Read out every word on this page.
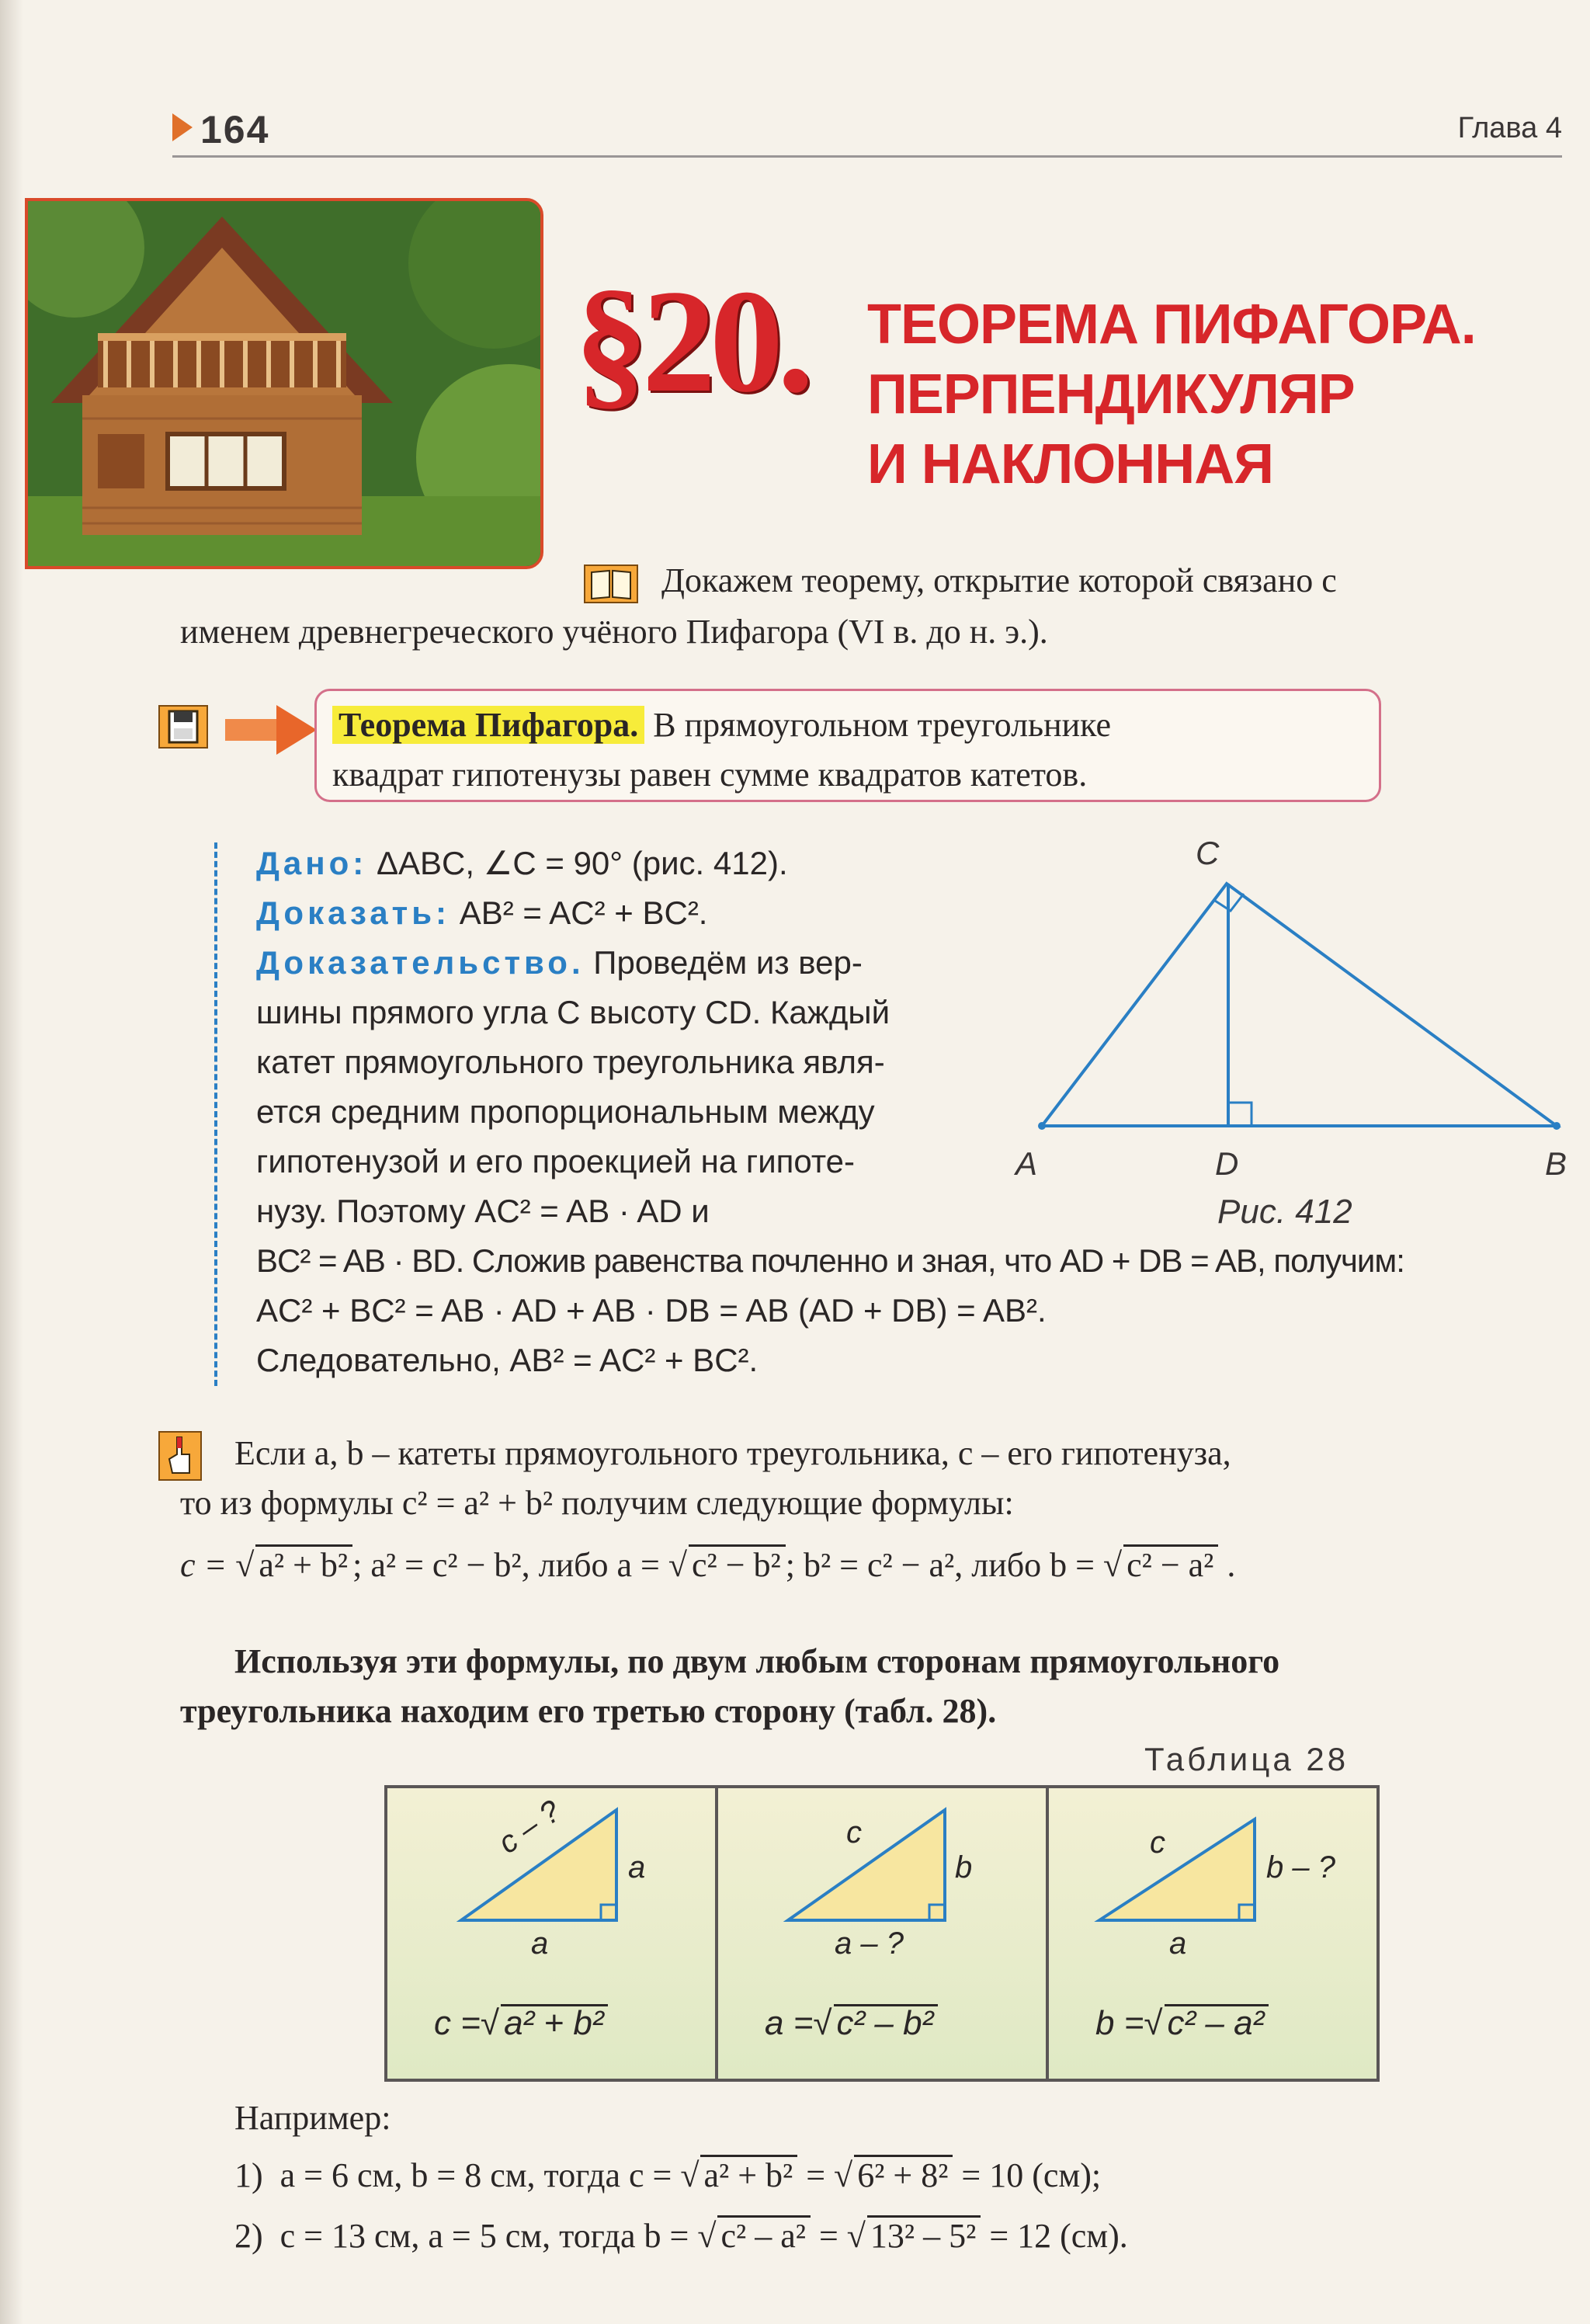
164	Глава 4
§20. ТЕОРЕМА ПИФАГОРА.
ПЕРПЕНДИКУЛЯР
И НАКЛОННАЯ
Докажем теорему, открытие которой связано с
именем древнегреческого учёного Пифагора (VI в. до н. э.).
Теорема Пифагора. В прямоугольном треугольнике
квадрат гипотенузы равен сумме квадратов катетов.
Дано: ΔABC, ∠C = 90° (рис. 412).
Доказать: AB² = AC² + BC².
Доказательство. Проведём из вер-
шины прямого угла C высоту CD. Каждый
катет прямоугольного треугольника явля-
ется средним пропорциональным между
гипотенузой и его проекцией на гипоте-
нузу. Поэтому AC² = AB · AD и
BC² = AB · BD. Сложив равенства почленно и зная, что AD + DB = AB, получим:
AC² + BC² = AB · AD + AB · DB = AB (AD + DB) = AB².
Следовательно, AB² = AC² + BC².
C
A	D	B
Рис. 412
Если a, b – катеты прямоугольного треугольника, c – его гипотенуза,
то из формулы c² = a² + b² получим следующие формулы:
c = √ a² + b² ; a² = c² − b², либо a = √ c² − b² ; b² = c² − a², либо b = √ c² − a² .
Используя эти формулы, по двум любым сторонам прямоугольного
треугольника находим его третью сторону (табл. 28).
Таблица 28
c – ?
a
a
c =√ a² + b²
c
b
a – ?
a =√ c² – b²
c
b – ?
a
b =√ c² – a²
Например:
1) a = 6 см, b = 8 см, тогда c = √ a² + b² = √ 6² + 8² = 10 (см);
2) c = 13 см, a = 5 см, тогда b = √ c² – a² = √ 13² – 5² = 12 (см).
